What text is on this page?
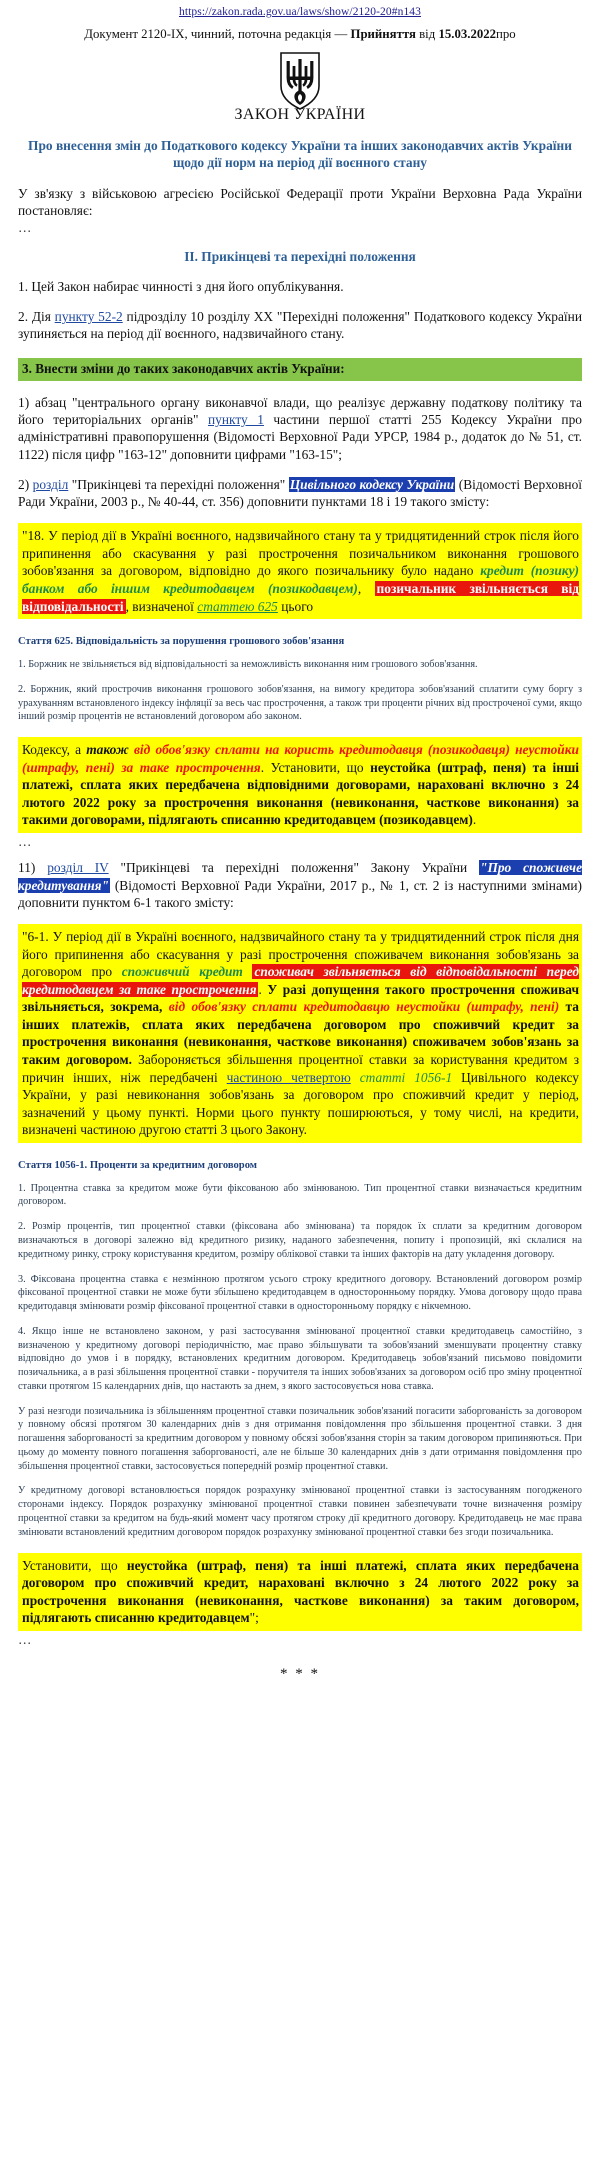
https://zakon.rada.gov.ua/laws/show/2120-20#n143
Документ 2120-IX, чинний, поточна редакція — Прийняття від 15.03.2022про
ЗАКОН УКРАЇНИ
Про внесення змін до Податкового кодексу України та інших законодавчих актів України щодо дії норм на період дії воєнного стану

У зв'язку з військовою агресією Російської Федерації проти України Верховна Рада України постановляє:

…

II. Прикінцеві та перехідні положення

1. Цей Закон набирає чинності з дня його опублікування.

2. Дія пункту 52-2 підрозділу 10 розділу XX "Перехідні положення" Податкового кодексу України зупиняється на період дії воєнного, надзвичайного стану.

3. Внести зміни до таких законодавчих актів України:

1) абзац "центрального органу виконавчої влади, що реалізує державну податкову політику та його територіальних органів" пункту 1 частини першої статті 255 Кодексу України про адміністративні правопорушення (Відомості Верховної Ради УРСР, 1984 р., додаток до № 51, ст. 1122) після цифр "163-12" доповнити цифрами "163-15";

2) розділ "Прикінцеві та перехідні положення" Цивільного кодексу України (Відомості Верховної Ради України, 2003 р., № 40-44, ст. 356) доповнити пунктами 18 і 19 такого змісту:

"18. У період дії в Україні воєнного, надзвичайного стану та у тридцятиденний строк після його припинення або скасування у разі прострочення позичальником виконання грошового зобов'язання за договором, відповідно до якого позичальнику було надано кредит (позику) банком або іншим кредитодавцем (позикодавцем), позичальник звільняється від відповідальності , визначеної статтею 625 цього
Стаття 625. Відповідальність за порушення грошового зобов'язання

1. Боржник не звільняється від відповідальності за неможливість виконання ним грошового зобов'язання.

2. Боржник, який прострочив виконання грошового зобов'язання, на вимогу кредитора зобов'язаний сплатити суму боргу з урахуванням встановленого індексу інфляції за весь час прострочення, а також три проценти річних від простроченої суми, якщо інший розмір процентів не встановлений договором або законом.

Кодексу, а також від обов'язку сплати на користь кредитодавця (позикодавця) неустойки (штрафу, пені) за таке прострочення. Установити, що неустойка (штраф, пеня) та інші платежі, сплата яких передбачена відповідними договорами, нараховані включно з 24 лютого 2022 року за прострочення виконання (невиконання, часткове виконання) за такими договорами, підлягають списанню кредитодавцем (позикодавцем).

…

11) розділ IV "Прикінцеві та перехідні положення" Закону України "Про споживче кредитування" (Відомості Верховної Ради України, 2017 р., № 1, ст. 2 із наступними змінами) доповнити пунктом 6-1 такого змісту:

"6-1. У період дії в Україні воєнного, надзвичайного стану та у тридцятиденний строк після дня його припинення або скасування у разі прострочення споживачем виконання зобов'язань за договором про споживчий кредит споживач звільняється від відповідальності перед кредитодавцем за таке прострочення . У разі допущення такого прострочення споживач звільняється, зокрема, від обов'язку сплати кредитодавцю неустойки (штрафу, пені) та інших платежів, сплата яких передбачена договором про споживчий кредит за прострочення виконання (невиконання, часткове виконання) споживачем зобов'язань за таким договором. Забороняється збільшення процентної ставки за користування кредитом з причин інших, ніж передбачені частиною четвертою статті 1056-1 Цивільного кодексу України, у разі невиконання зобов'язань за договором про споживчий кредит у період, зазначений у цьому пункті. Норми цього пункту поширюються, у тому числі, на кредити, визначені частиною другою статті 3 цього Закону.
Стаття 1056-1. Проценти за кредитним договором

1. Процентна ставка за кредитом може бути фіксованою або змінюваною. Тип процентної ставки визначається кредитним договором.

2. Розмір процентів, тип процентної ставки (фіксована або змінювана) та порядок їх сплати за кредитним договором визначаються в договорі залежно від кредитного ризику, наданого забезпечення, попиту і пропозицій, які склалися на кредитному ринку, строку користування кредитом, розміру облікової ставки та інших факторів на дату укладення договору.

3. Фіксована процентна ставка є незмінною протягом усього строку кредитного договору. Встановлений договором розмір фіксованої процентної ставки не може бути збільшено кредитодавцем в односторонньому порядку. Умова договору щодо права кредитодавця змінювати розмір фіксованої процентної ставки в односторонньому порядку є нікчемною.

4. Якщо інше не встановлено законом, у разі застосування змінюваної процентної ставки кредитодавець самостійно, з визначеною у кредитному договорі періодичністю, має право збільшувати та зобов'язаний зменшувати процентну ставку відповідно до умов і в порядку, встановлених кредитним договором. Кредитодавець зобов'язаний письмово повідомити позичальника, а в разі збільшення процентної ставки - поручителя та інших зобов'язаних за договором осіб про зміну процентної ставки протягом 15 календарних днів, що настають за днем, з якого застосовується нова ставка.

У разі незгоди позичальника із збільшенням процентної ставки позичальник зобов'язаний погасити заборгованість за договором у повному обсязі протягом 30 календарних днів з дня отримання повідомлення про збільшення процентної ставки. З дня погашення заборгованості за кредитним договором у повному обсязі зобов'язання сторін за таким договором припиняються. При цьому до моменту повного погашення заборгованості, але не більше 30 календарних днів з дати отримання повідомлення про збільшення процентної ставки, застосовується попередній розмір процентної ставки.

У кредитному договорі встановлюється порядок розрахунку змінюваної процентної ставки із застосуванням погодженого сторонами індексу. Порядок розрахунку змінюваної процентної ставки повинен забезпечувати точне визначення розміру процентної ставки за кредитом на будь-який момент часу протягом строку дії кредитного договору. Кредитодавець не має права змінювати встановлений кредитним договором порядок розрахунку змінюваної процентної ставки без згоди позичальника.

Установити, що неустойка (штраф, пеня) та інші платежі, сплата яких передбачена договором про споживчий кредит, нараховані включно з 24 лютого 2022 року за прострочення виконання (невиконання, часткове виконання) за таким договором, підлягають списанню кредитодавцем";

…

* * *
